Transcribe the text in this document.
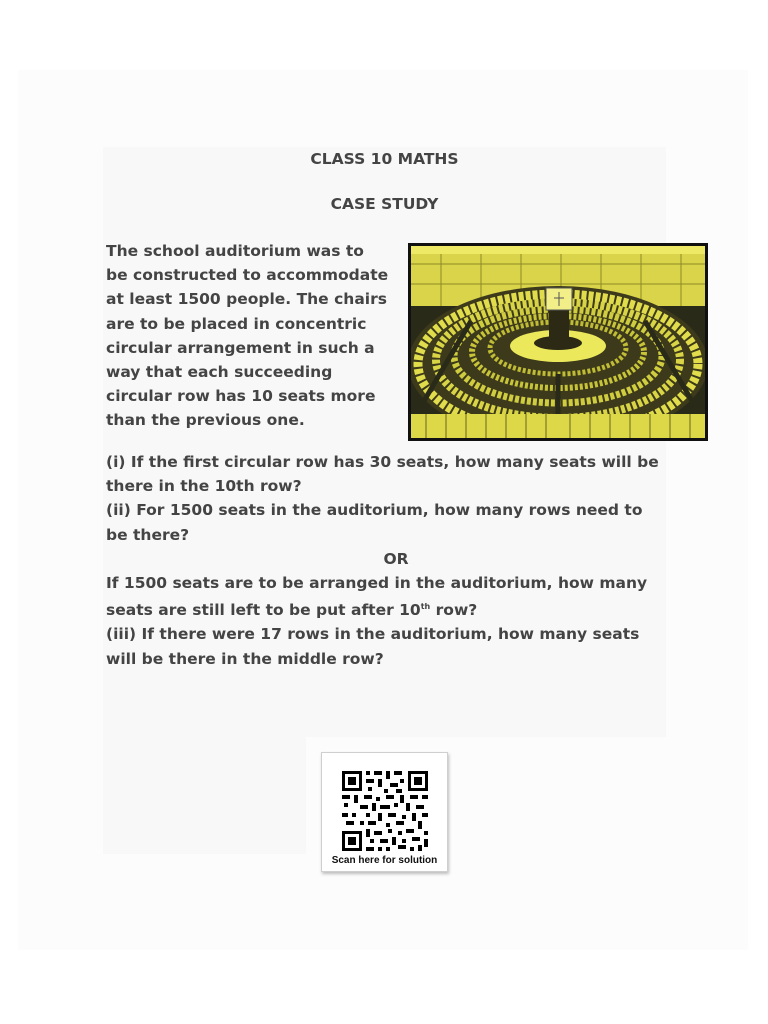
CLASS 10 MATHS
CASE STUDY
The school auditorium was to
be constructed to accommodate
at least 1500 people. The chairs
are to be placed in concentric
circular arrangement in such a
way that each succeeding
circular row has 10 seats more
than the previous one.
(i) If the first circular row has 30 seats, how many seats will be
there in the 10th row?
(ii) For 1500 seats in the auditorium, how many rows need to
be there?
OR
If 1500 seats are to be arranged in the auditorium, how many
seats are still left to be put after 10th row?
(iii) If there were 17 rows in the auditorium, how many seats
will be there in the middle row?
Scan here for solution
